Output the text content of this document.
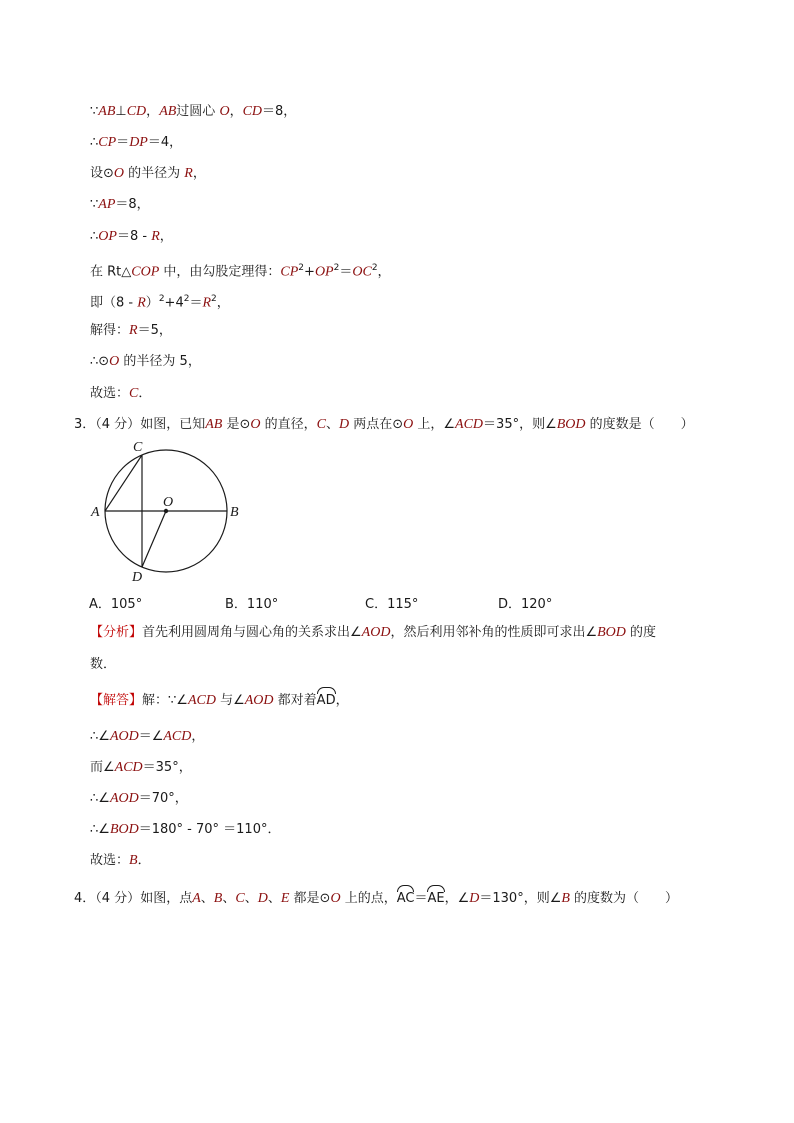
∵AB⊥CD，AB过圆心 O，CD＝8，
∴CP＝DP＝4，
设⊙O 的半径为 R，
∵AP＝8，
∴OP＝8 - R，
在 Rt△COP 中，由勾股定理得：$CP^2+OP^2=OC^2$，
即$(8 - R)^2+4^2=R^2$，
解得：R＝5，
∴⊙O 的半径为 5，
故选：C．
3．（4 分）如图，已知AB 是⊙O 的直径，C、D 两点在⊙O 上，∠ACD＝35°，则∠BOD 的度数是（　　）
C
A
O
B
D
A．105°	B．110°	C．115°	D．120°
【分析】首先利用圆周角与圆心角的关系求出∠AOD，然后利用邻补角的性质即可求出∠BOD 的度
数．
【解答】解：∵∠ACD 与∠AOD 都对着AD，
∴∠AOD＝∠ACD，
而∠ACD＝35°，
∴∠AOD＝70°，
∴∠BOD＝180° - 70° ＝110°．
故选：B．
4．（4 分）如图，点A、B、C、D、E 都是⊙O 上的点，AC＝AE，∠D＝130°，则∠B 的度数为（　　）
